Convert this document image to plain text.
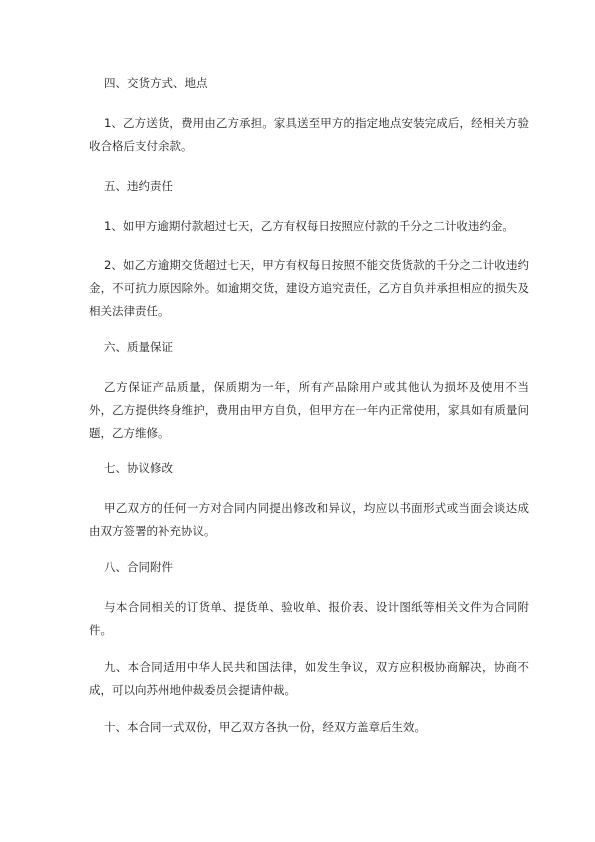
四、交货方式、地点

1、乙方送货，费用由乙方承担。家具送至甲方的指定地点安装完成后，经相关方验收合格后支付余款。

五、违约责任

1、如甲方逾期付款超过七天，乙方有权每日按照应付款的千分之二计收违约金。

2、如乙方逾期交货超过七天，甲方有权每日按照不能交货货款的千分之二计收违约金，不可抗力原因除外。如逾期交货，建设方追究责任，乙方自负并承担相应的损失及相关法律责任。

六、质量保证

乙方保证产品质量，保质期为一年，所有产品除用户或其他认为损坏及使用不当外，乙方提供终身维护，费用由甲方自负，但甲方在一年内正常使用，家具如有质量问题，乙方维修。

七、协议修改

甲乙双方的任何一方对合同内同提出修改和异议，均应以书面形式或当面会谈达成由双方签署的补充协议。

八、合同附件

与本合同相关的订货单、提货单、验收单、报价表、设计图纸等相关文件为合同附件。

九、本合同适用中华人民共和国法律，如发生争议，双方应积极协商解决，协商不成，可以向苏州地仲裁委员会提请仲裁。

十、本合同一式双份，甲乙双方各执一份，经双方盖章后生效。
